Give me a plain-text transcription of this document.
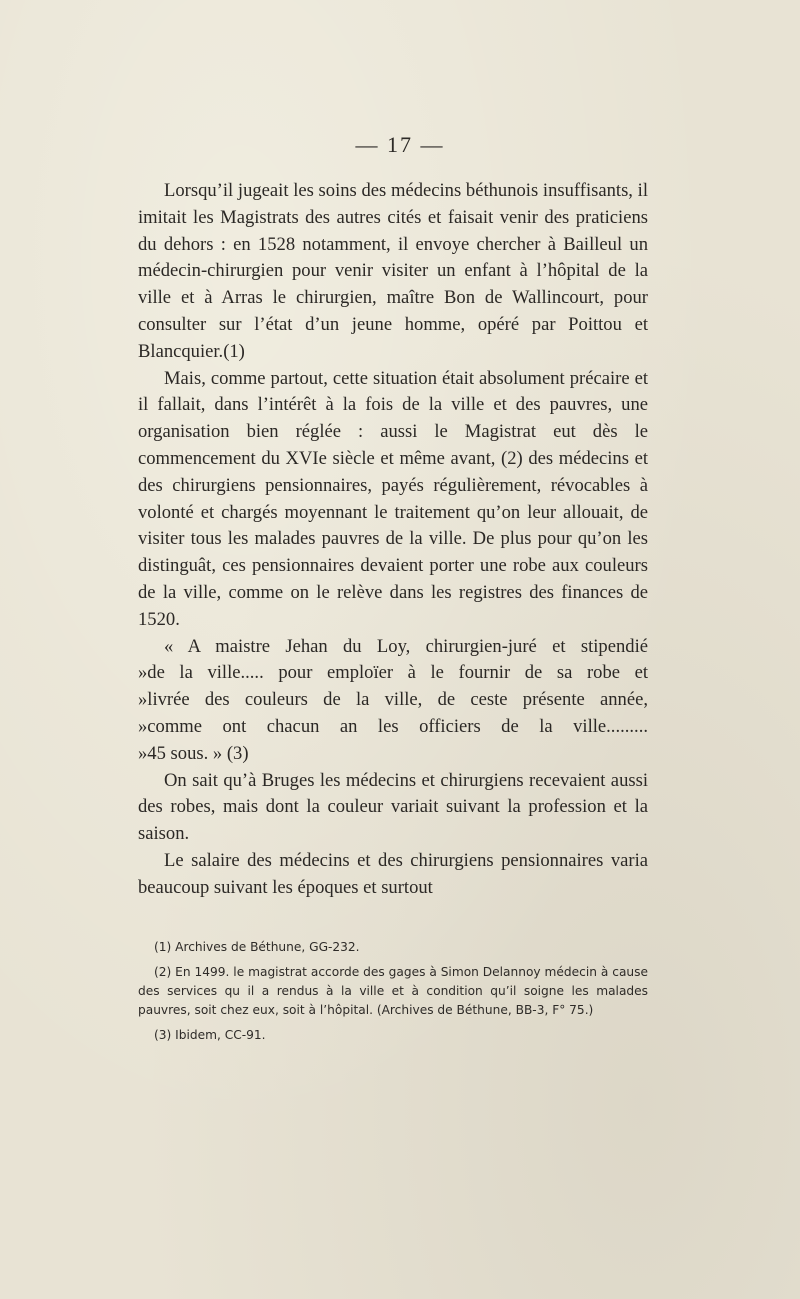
— 17 —

Lorsqu’il jugeait les soins des médecins béthunois insuffisants, il imitait les Magistrats des autres cités et faisait venir des praticiens du dehors : en 1528 notamment, il envoye chercher à Bailleul un médecin-chirurgien pour venir visiter un enfant à l’hôpital de la ville et à Arras le chirurgien, maître Bon de Wallincourt, pour consulter sur l’état d’un jeune homme, opéré par Poittou et Blancquier.(1)

Mais, comme partout, cette situation était absolument précaire et il fallait, dans l’intérêt à la fois de la ville et des pauvres, une organisation bien réglée : aussi le Magistrat eut dès le commencement du XVIe siècle et même avant, (2) des médecins et des chirurgiens pensionnaires, payés régulièrement, révocables à volonté et chargés moyennant le traitement qu’on leur allouait, de visiter tous les malades pauvres de la ville. De plus pour qu’on les distinguât, ces pensionnaires devaient porter une robe aux couleurs de la ville, comme on le relève dans les registres des finances de 1520.

« A maistre Jehan du Loy, chirurgien-juré et stipendié
»de la ville..... pour emploïer à le fournir de sa robe et
»livrée des couleurs de la ville, de ceste présente année,
»comme ont chacun an les officiers de la ville.........
»45 sous. » (3)

On sait qu’à Bruges les médecins et chirurgiens recevaient aussi des robes, mais dont la couleur variait suivant la profession et la saison.

Le salaire des médecins et des chirurgiens pensionnaires varia beaucoup suivant les époques et surtout

(1) Archives de Béthune, GG-232.

(2) En 1499. le magistrat accorde des gages à Simon Delannoy médecin à cause des services qu il a rendus à la ville et à condition qu’il soigne les malades pauvres, soit chez eux, soit à l’hôpital. (Archives de Béthune, BB-3, F° 75.)

(3) Ibidem, CC-91.
